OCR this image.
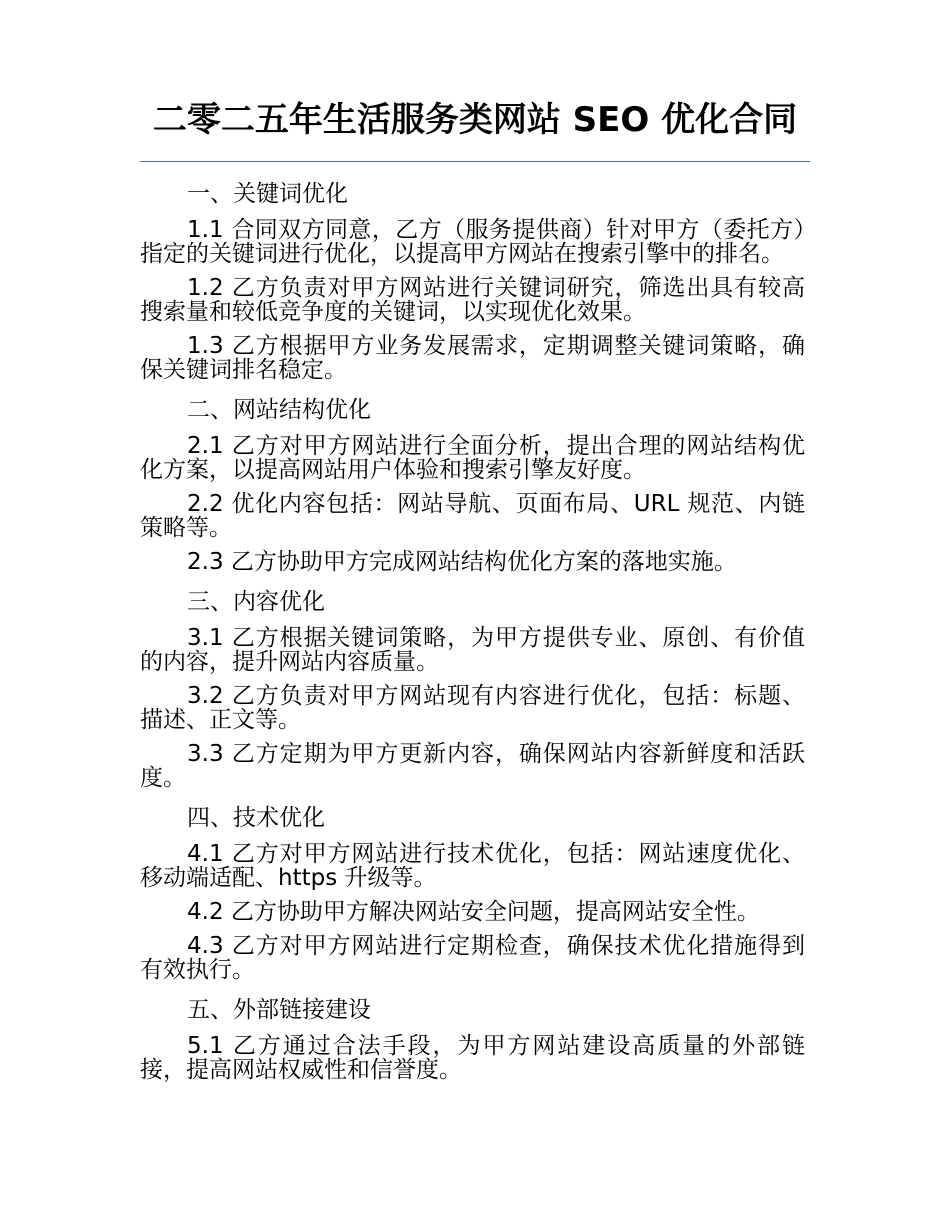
二零二五年生活服务类网站 SEO 优化合同

一、关键词优化

1.1 合同双方同意，乙方（服务提供商）针对甲方（委托方）指定的关键词进行优化，以提高甲方网站在搜索引擎中的排名。

1.2 乙方负责对甲方网站进行关键词研究，筛选出具有较高搜索量和较低竞争度的关键词，以实现优化效果。

1.3 乙方根据甲方业务发展需求，定期调整关键词策略，确保关键词排名稳定。

二、网站结构优化

2.1 乙方对甲方网站进行全面分析，提出合理的网站结构优化方案，以提高网站用户体验和搜索引擎友好度。

2.2 优化内容包括：网站导航、页面布局、URL 规范、内链策略等。

2.3 乙方协助甲方完成网站结构优化方案的落地实施。

三、内容优化

3.1 乙方根据关键词策略，为甲方提供专业、原创、有价值的内容，提升网站内容质量。

3.2 乙方负责对甲方网站现有内容进行优化，包括：标题、描述、正文等。

3.3 乙方定期为甲方更新内容，确保网站内容新鲜度和活跃度。

四、技术优化

4.1 乙方对甲方网站进行技术优化，包括：网站速度优化、移动端适配、https 升级等。

4.2 乙方协助甲方解决网站安全问题，提高网站安全性。

4.3 乙方对甲方网站进行定期检查，确保技术优化措施得到有效执行。

五、外部链接建设

5.1 乙方通过合法手段，为甲方网站建设高质量的外部链接，提高网站权威性和信誉度。
